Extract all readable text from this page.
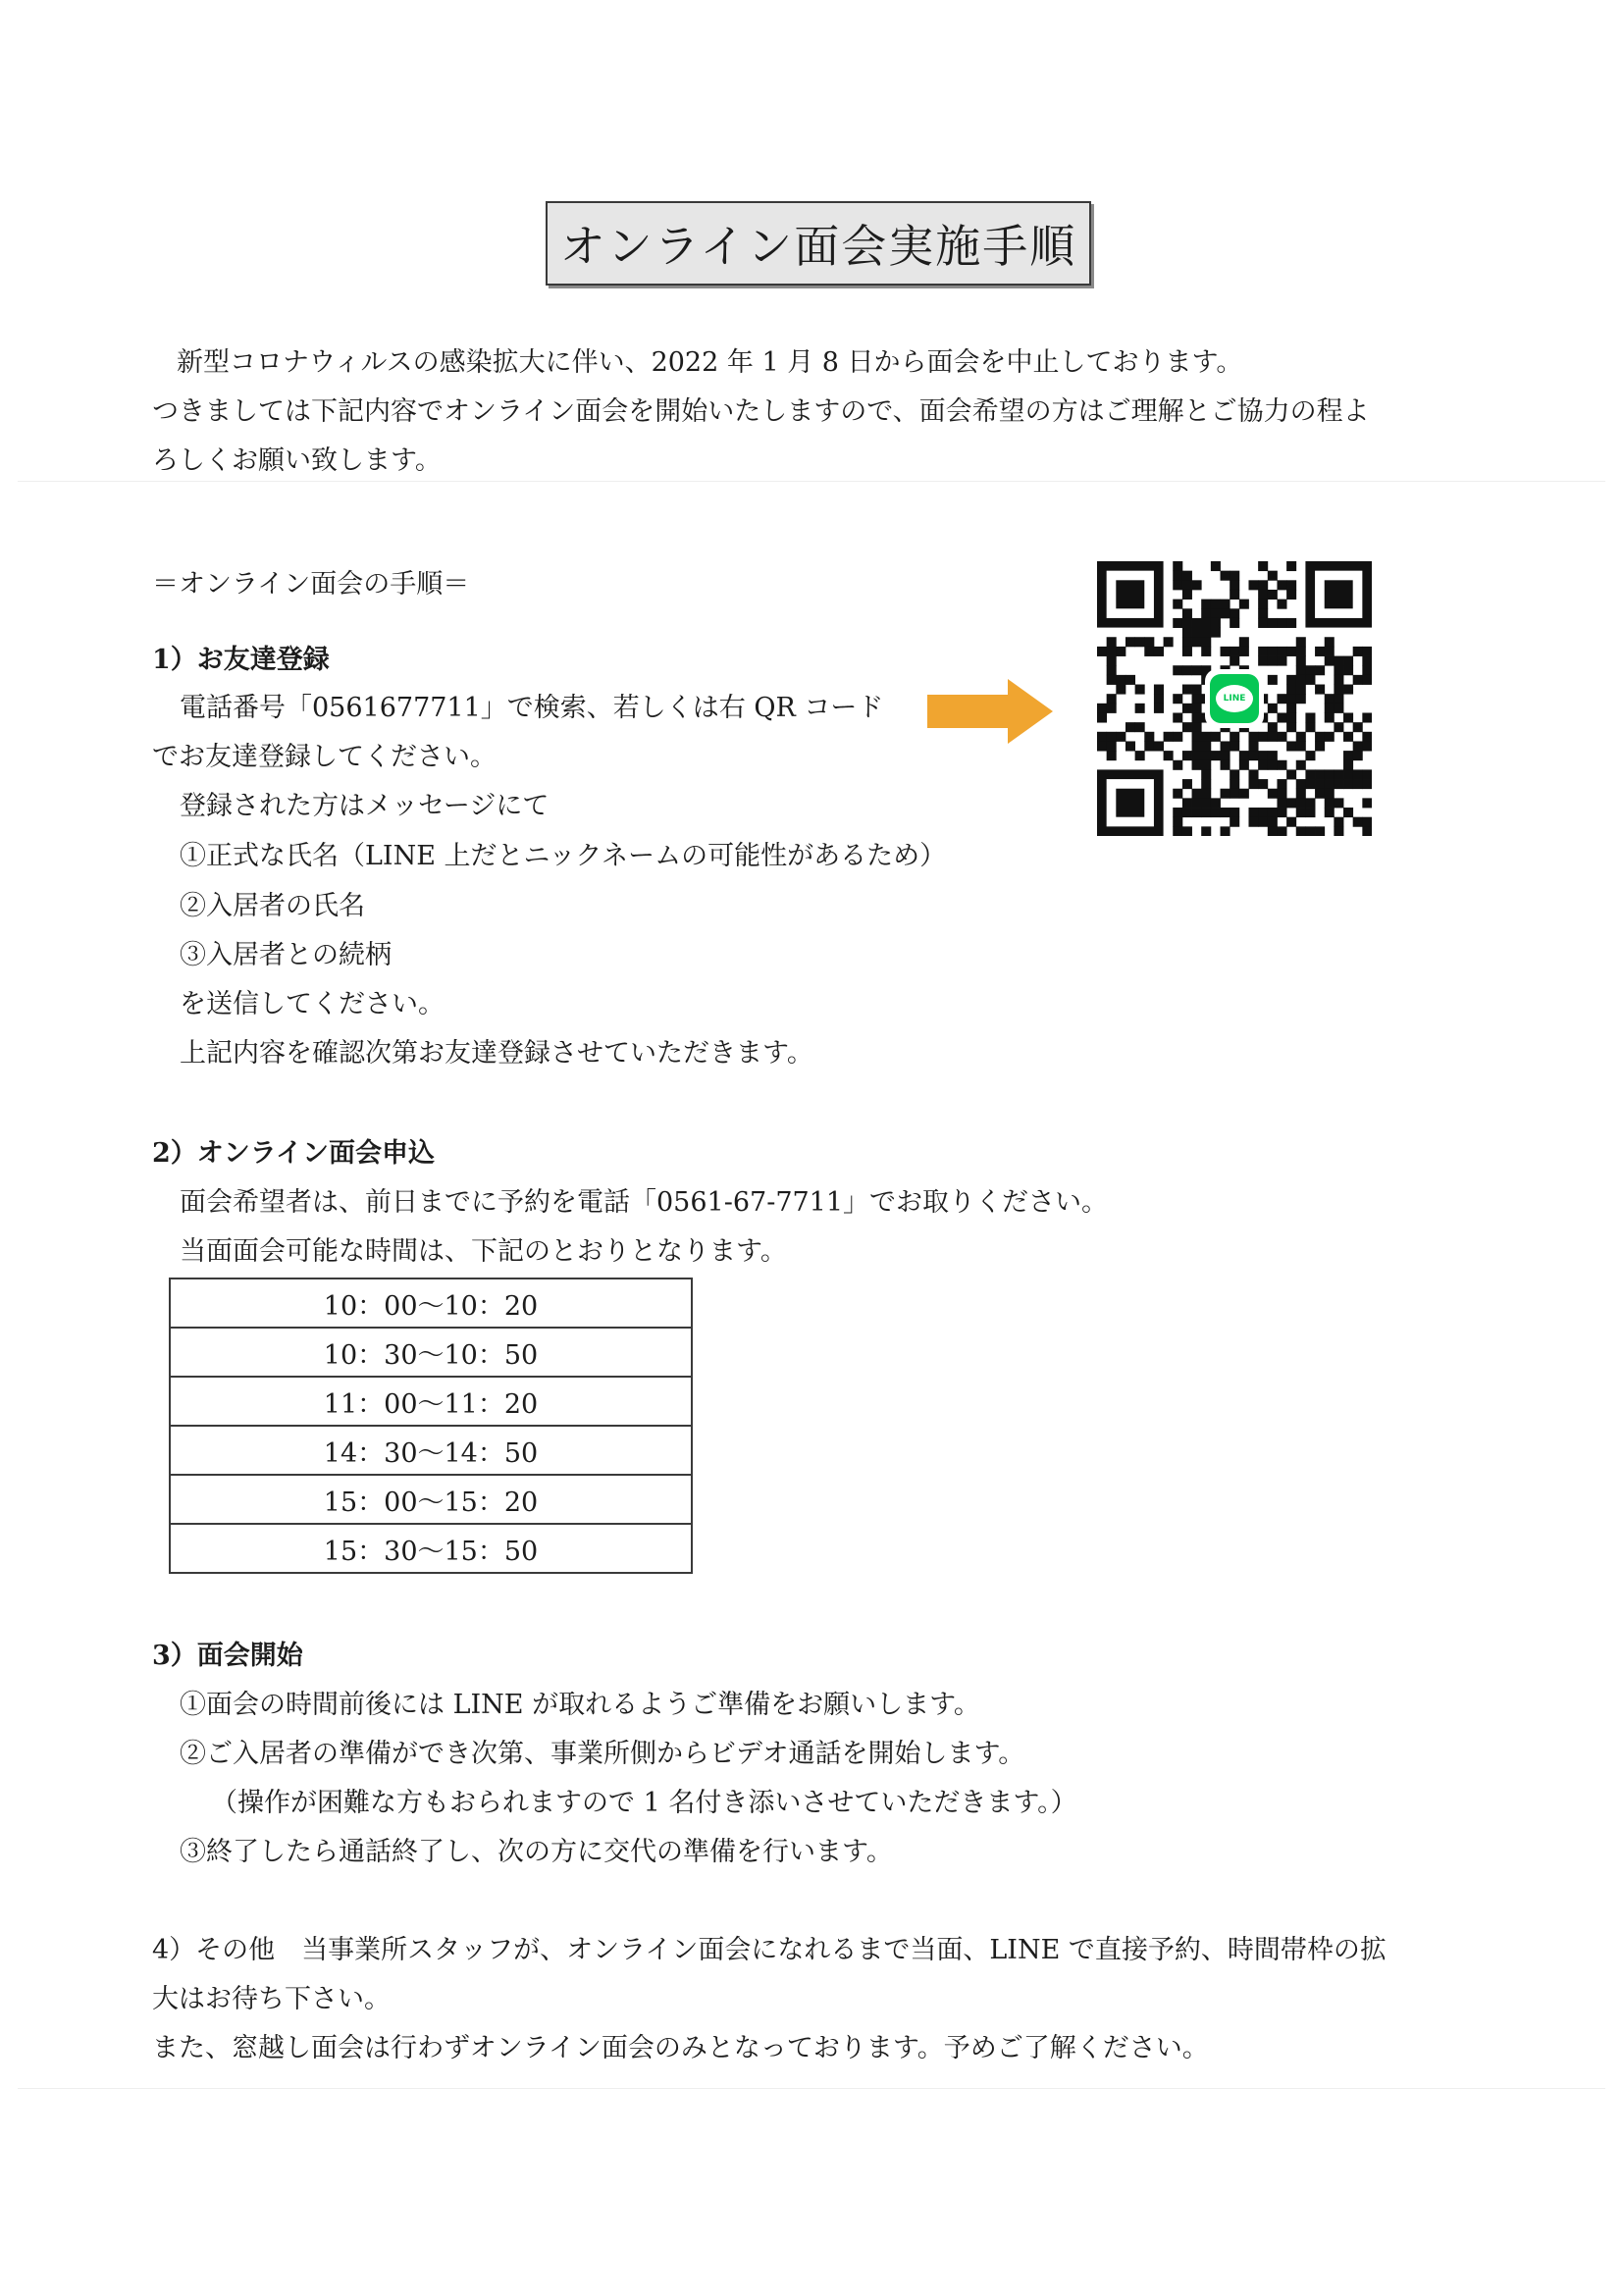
オンライン面会実施手順
新型コロナウィルスの感染拡大に伴い、2022 年 1 月 8 日から面会を中止しております。
つきましては下記内容でオンライン面会を開始いたしますので、面会希望の方はご理解とご協力の程よ
ろしくお願い致します。
＝オンライン面会の手順＝
1）お友達登録
電話番号「0561677711」で検索、若しくは右 QR コード
でお友達登録してください。
登録された方はメッセージにて
①正式な氏名（LINE 上だとニックネームの可能性があるため）
②入居者の氏名
③入居者との続柄
を送信してください。
上記内容を確認次第お友達登録させていただきます。
LINE
2）オンライン面会申込
面会希望者は、前日までに予約を電話「0561-67-7711」でお取りください。
当面面会可能な時間は、下記のとおりとなります。
10：00～10：20
10：30～10：50
11：00～11：20
14：30～14：50
15：00～15：20
15：30～15：50
3）面会開始
①面会の時間前後には LINE が取れるようご準備をお願いします。
②ご入居者の準備ができ次第、事業所側からビデオ通話を開始します。
（操作が困難な方もおられますので 1 名付き添いさせていただきます。）
③終了したら通話終了し、次の方に交代の準備を行います。
4）その他　当事業所スタッフが、オンライン面会になれるまで当面、LINE で直接予約、時間帯枠の拡
大はお待ち下さい。
また、窓越し面会は行わずオンライン面会のみとなっております。予めご了解ください。
